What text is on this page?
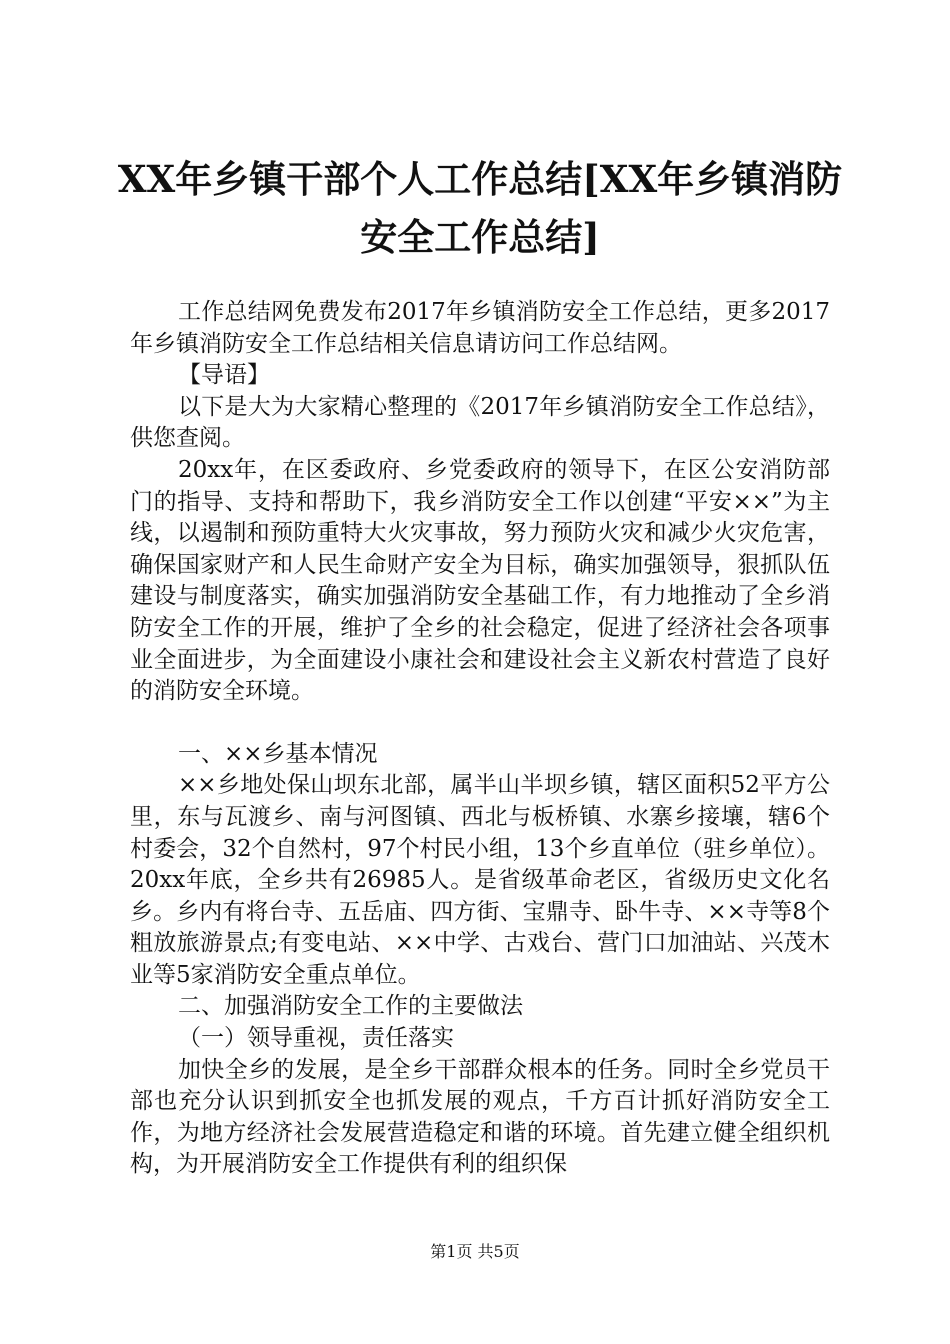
XX年乡镇干部个人工作总结[XX年乡镇消防安全工作总结]

工作总结网免费发布2017年乡镇消防安全工作总结，更多2017年乡镇消防安全工作总结相关信息请访问工作总结网。

【导语】

以下是大为大家精心整理的《2017年乡镇消防安全工作总结》，供您查阅。

20xx年，在区委政府、乡党委政府的领导下，在区公安消防部门的指导、支持和帮助下，我乡消防安全工作以创建“平安××”为主线，以遏制和预防重特大火灾事故，努力预防火灾和减少火灾危害，确保国家财产和人民生命财产安全为目标，确实加强领导，狠抓队伍建设与制度落实，确实加强消防安全基础工作，有力地推动了全乡消防安全工作的开展，维护了全乡的社会稳定，促进了经济社会各项事业全面进步，为全面建设小康社会和建设社会主义新农村营造了良好的消防安全环境。

一、××乡基本情况

××乡地处保山坝东北部，属半山半坝乡镇，辖区面积52平方公里，东与瓦渡乡、南与河图镇、西北与板桥镇、水寨乡接壤，辖6个村委会，32个自然村，97个村民小组，13个乡直单位（驻乡单位）。20xx年底，全乡共有26985人。是省级革命老区，省级历史文化名乡。乡内有将台寺、五岳庙、四方街、宝鼎寺、卧牛寺、××寺等8个粗放旅游景点;有变电站、××中学、古戏台、营门口加油站、兴茂木业等5家消防安全重点单位。

二、加强消防安全工作的主要做法

（一）领导重视，责任落实

加快全乡的发展，是全乡干部群众根本的任务。同时全乡党员干部也充分认识到抓安全也抓发展的观点，千方百计抓好消防安全工作，为地方经济社会发展营造稳定和谐的环境。首先建立健全组织机构，为开展消防安全工作提供有利的组织保

第1页 共5页
